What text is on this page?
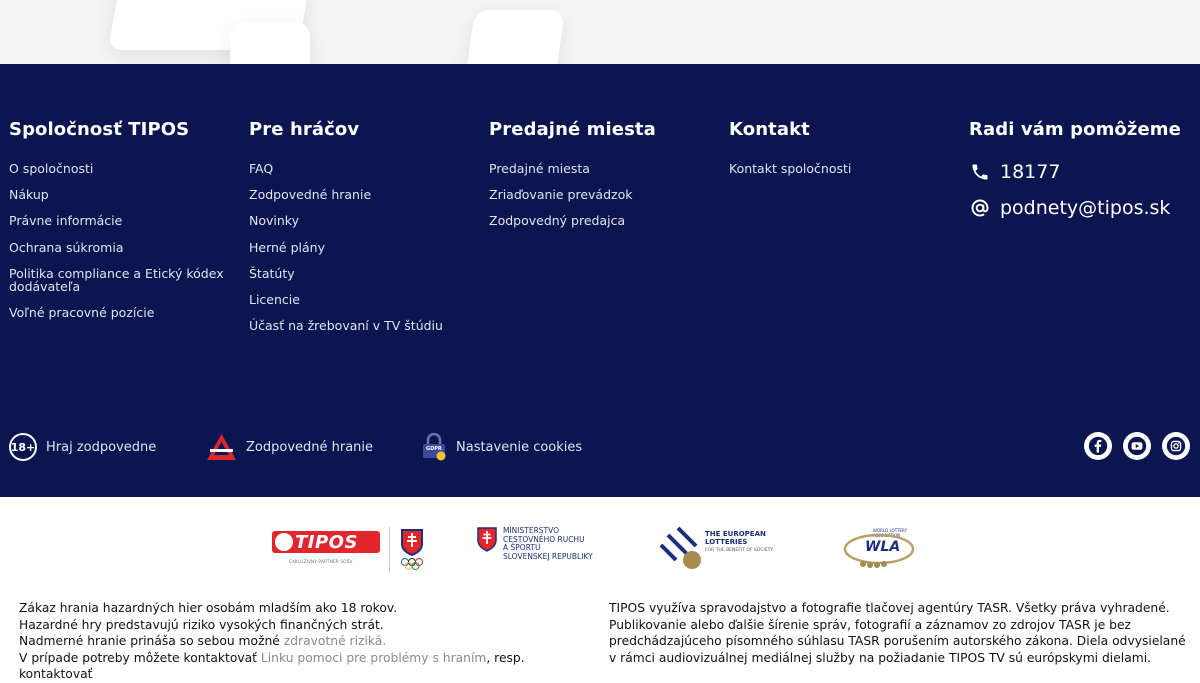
Spoločnosť TIPOS
O spoločnosti
Nákup
Právne informácie
Ochrana súkromia
Politika compliance a Etický kódex dodávateľa
Voľné pracovné pozície
Pre hráčov
FAQ
Zodpovedné hranie
Novinky
Herné plány
Štatúty
Licencie
Účasť na žrebovaní v TV štúdiu
Predajné miesta
Predajné miesta
Zriaďovanie prevádzok
Zodpovedný predajca
Kontakt
Kontakt spoločnosti
Radi vám pomôžeme
18177
podnety@tipos.sk
18+ Hraj zodpovedne	Zodpovedné hranie	GDPR Nastavenie cookies
TIPOS
EXKLUZÍVNY PARTNER SOŠV
MINISTERSTVO
CESTOVNÉHO RUCHU
A ŠPORTU
SLOVENSKEJ REPUBLIKY
THE EUROPEAN
LOTTERIES
FOR THE BENEFIT OF SOCIETY
WORLD LOTTERY ASSOCIATION
WLA
Zákaz hrania hazardných hier osobám mladším ako 18 rokov.
Hazardné hry predstavujú riziko vysokých finančných strát.
Nadmerné hranie prináša so sebou možné zdravotné riziká.
V prípade potreby môžete kontaktovať Linku pomoci pre problémy s hraním, resp. kontaktovať
TIPOS využíva spravodajstvo a fotografie tlačovej agentúry TASR. Všetky práva vyhradené. Publikovanie alebo ďalšie šírenie správ, fotografií a záznamov zo zdrojov TASR je bez predchádzajúceho písomného súhlasu TASR porušením autorského zákona. Diela odvysielané v rámci audiovizuálnej mediálnej služby na požiadanie TIPOS TV sú európskymi dielami.
